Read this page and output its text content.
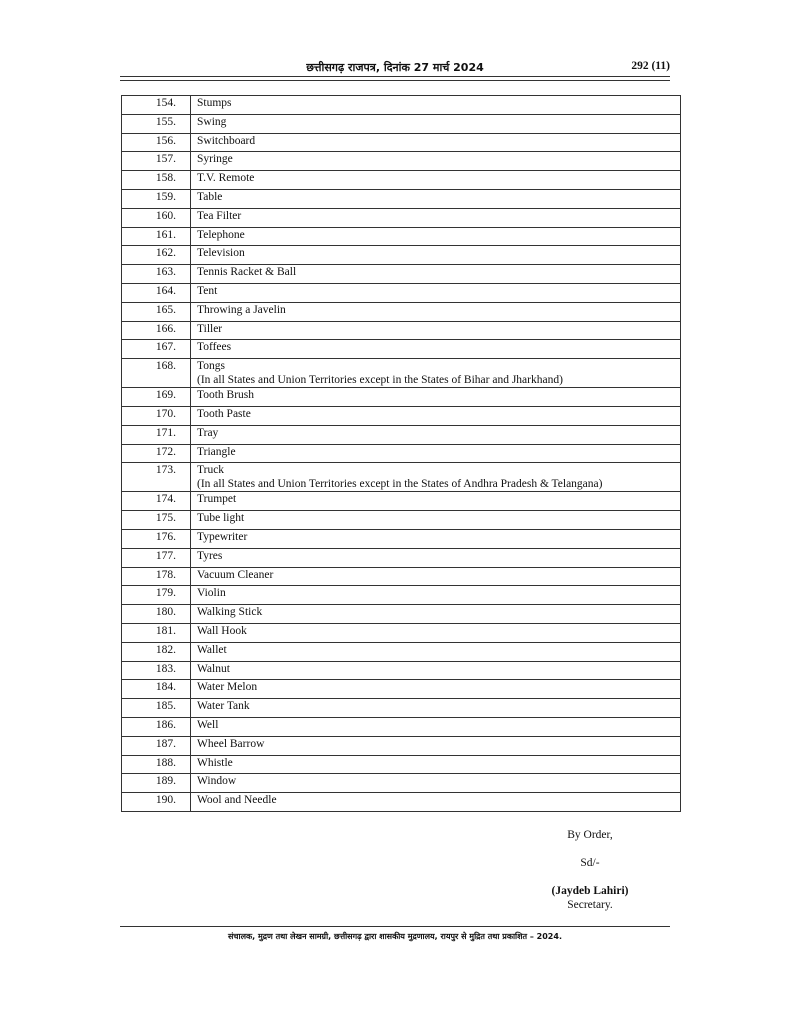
छत्तीसगढ़ राजपत्र, दिनांक 27 मार्च 2024	292 (11)
154.	Stumps
155.	Swing
156.	Switchboard
157.	Syringe
158.	T.V. Remote
159.	Table
160.	Tea Filter
161.	Telephone
162.	Television
163.	Tennis Racket & Ball
164.	Tent
165.	Throwing a Javelin
166.	Tiller
167.	Toffees
168.	Tongs
(In all States and Union Territories except in the States of Bihar and Jharkhand)

169.	Tooth Brush
170.	Tooth Paste
171.	Tray
172.	Triangle
173.	Truck
(In all States and Union Territories except in the States of Andhra Pradesh & Telangana)

174.	Trumpet
175.	Tube light
176.	Typewriter
177.	Tyres
178.	Vacuum Cleaner
179.	Violin
180.	Walking Stick
181.	Wall Hook
182.	Wallet
183.	Walnut
184.	Water Melon
185.	Water Tank
186.	Well
187.	Wheel Barrow
188.	Whistle
189.	Window
190.	Wool and Needle
By Order,
Sd/-
(Jaydeb Lahiri)
Secretary.
संचालक, मुद्रण तथा लेखन सामग्री, छत्तीसगढ़ द्वारा शासकीय मुद्रणालय, रायपुर से मुद्रित तथा प्रकाशित – 2024.
